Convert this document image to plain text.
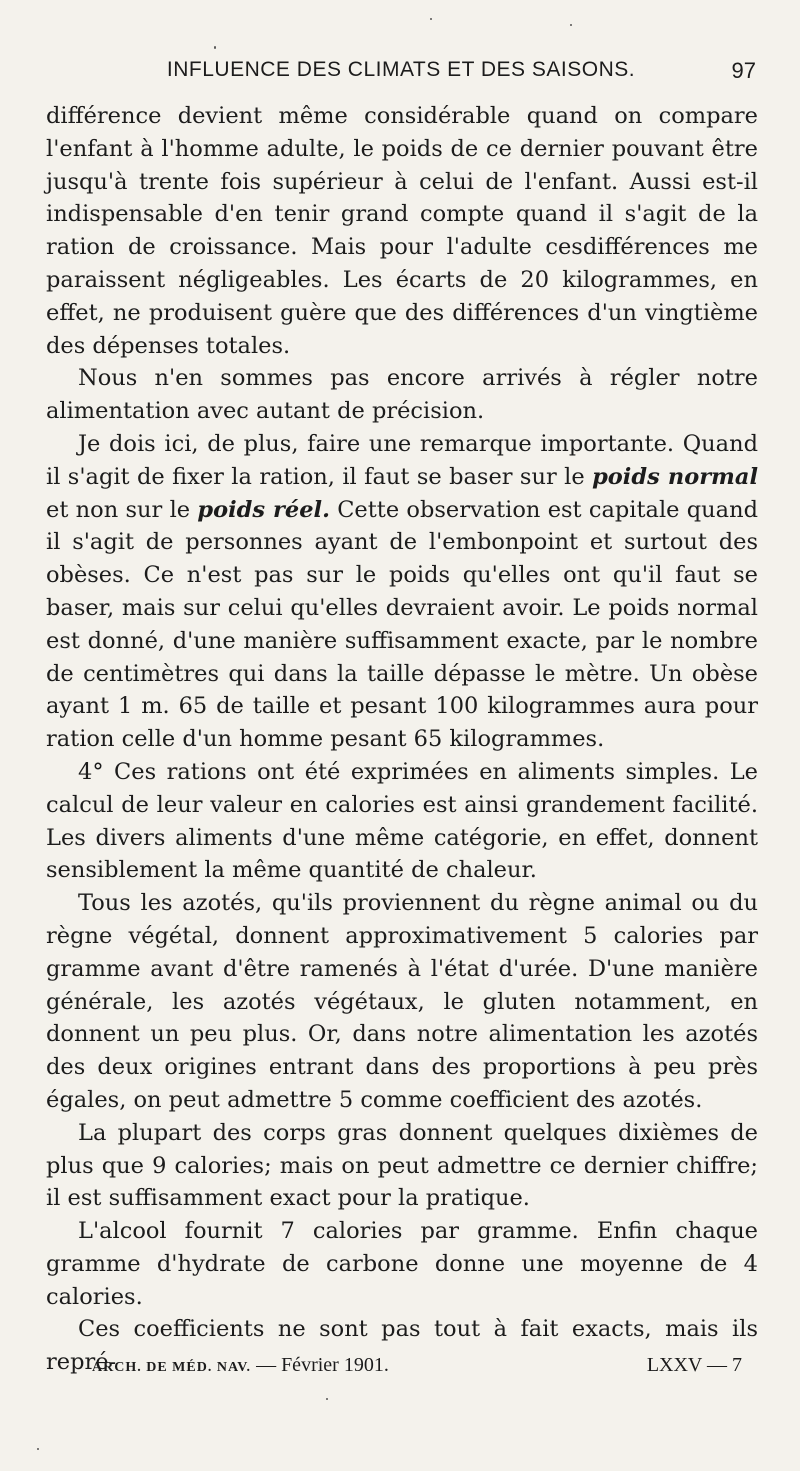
INFLUENCE DES CLIMATS ET DES SAISONS.	97

différence devient même considérable quand on compare l'enfant à l'homme adulte, le poids de ce dernier pouvant être jusqu'à trente fois supérieur à celui de l'enfant. Aussi est-il indispensable d'en tenir grand compte quand il s'agit de la ration de croissance. Mais pour l'adulte cesdifférences me paraissent négligeables. Les écarts de 20 kilogrammes, en effet, ne produisent guère que des différences d'un vingtième des dépenses totales.

Nous n'en sommes pas encore arrivés à régler notre alimentation avec autant de précision.

Je dois ici, de plus, faire une remarque importante. Quand il s'agit de fixer la ration, il faut se baser sur le poids normal et non sur le poids réel. Cette observation est capitale quand il s'agit de personnes ayant de l'embonpoint et surtout des obèses. Ce n'est pas sur le poids qu'elles ont qu'il faut se baser, mais sur celui qu'elles devraient avoir. Le poids normal est donné, d'une manière suffisamment exacte, par le nombre de centimètres qui dans la taille dépasse le mètre. Un obèse ayant 1 m. 65 de taille et pesant 100 kilogrammes aura pour ration celle d'un homme pesant 65 kilogrammes.

4° Ces rations ont été exprimées en aliments simples. Le calcul de leur valeur en calories est ainsi grandement facilité. Les divers aliments d'une même catégorie, en effet, donnent sensiblement la même quantité de chaleur.

Tous les azotés, qu'ils proviennent du règne animal ou du règne végétal, donnent approximativement 5 calories par gramme avant d'être ramenés à l'état d'urée. D'une manière générale, les azotés végétaux, le gluten notamment, en donnent un peu plus. Or, dans notre alimentation les azotés des deux origines entrant dans des proportions à peu près égales, on peut admettre 5 comme coefficient des azotés.

La plupart des corps gras donnent quelques dixièmes de plus que 9 calories; mais on peut admettre ce dernier chiffre; il est suffisamment exact pour la pratique.

L'alcool fournit 7 calories par gramme. Enfin chaque gramme d'hydrate de carbone donne une moyenne de 4 calories.

Ces coefficients ne sont pas tout à fait exacts, mais ils repré-

ARCH. DE MÉD. NAV. — Février 1901.	LXXV — 7
